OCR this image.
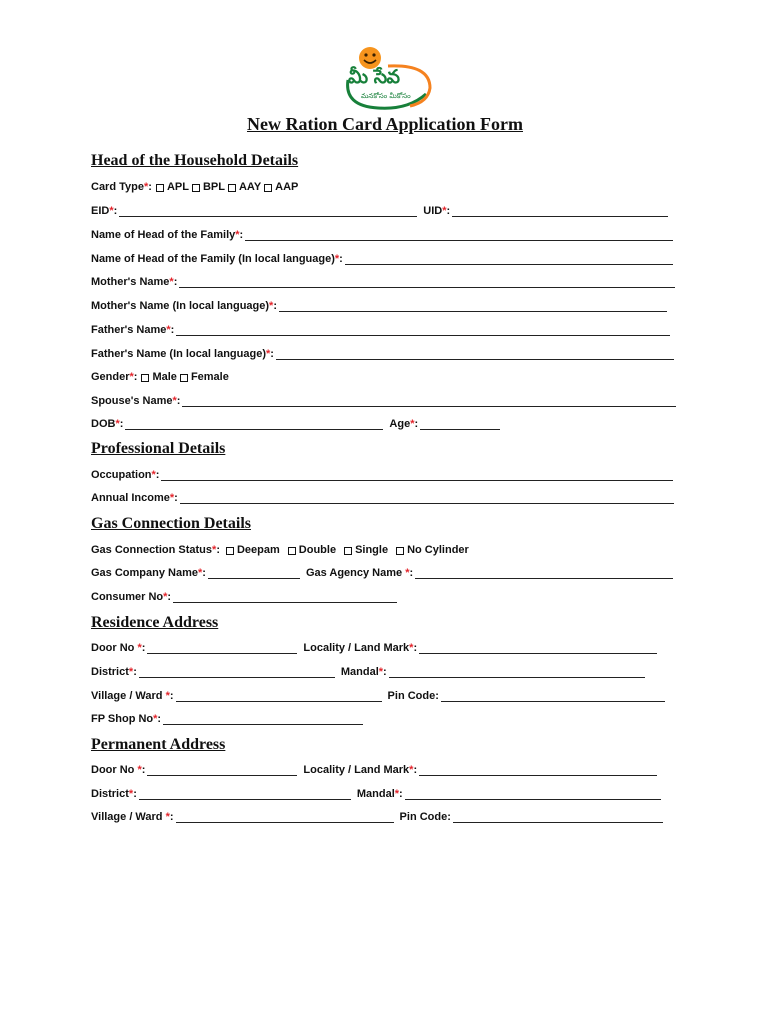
మీ సేవ
మనకోసం మీకోసం
New Ration Card Application Form
Head of the Household Details
Card Type * : APL BPL AAY AAP
EID * :	UID * :
Name of Head of the Family * :
Name of Head of the Family (In local language) * :
Mother's Name * :
Mother's Name (In local language) * :
Father's Name * :
Father's Name (In local language) * :
Gender * : Male Female
Spouse's Name * :
DOB * :	Age * :
Professional Details
Occupation * :
Annual Income * :
Gas Connection Details
Gas Connection Status * : Deepam Double Single No Cylinder
Gas Company Name * :	Gas Agency Name
* :
Consumer No * :
Residence Address
Door No
* :	Locality / Land Mark * :
District * :	Mandal * :
Village / Ward
* :	Pin Code :
FP Shop No * :
Permanent Address
Door No
* :	Locality / Land Mark * :
District * :	Mandal * :
Village / Ward
* :	Pin Code :
